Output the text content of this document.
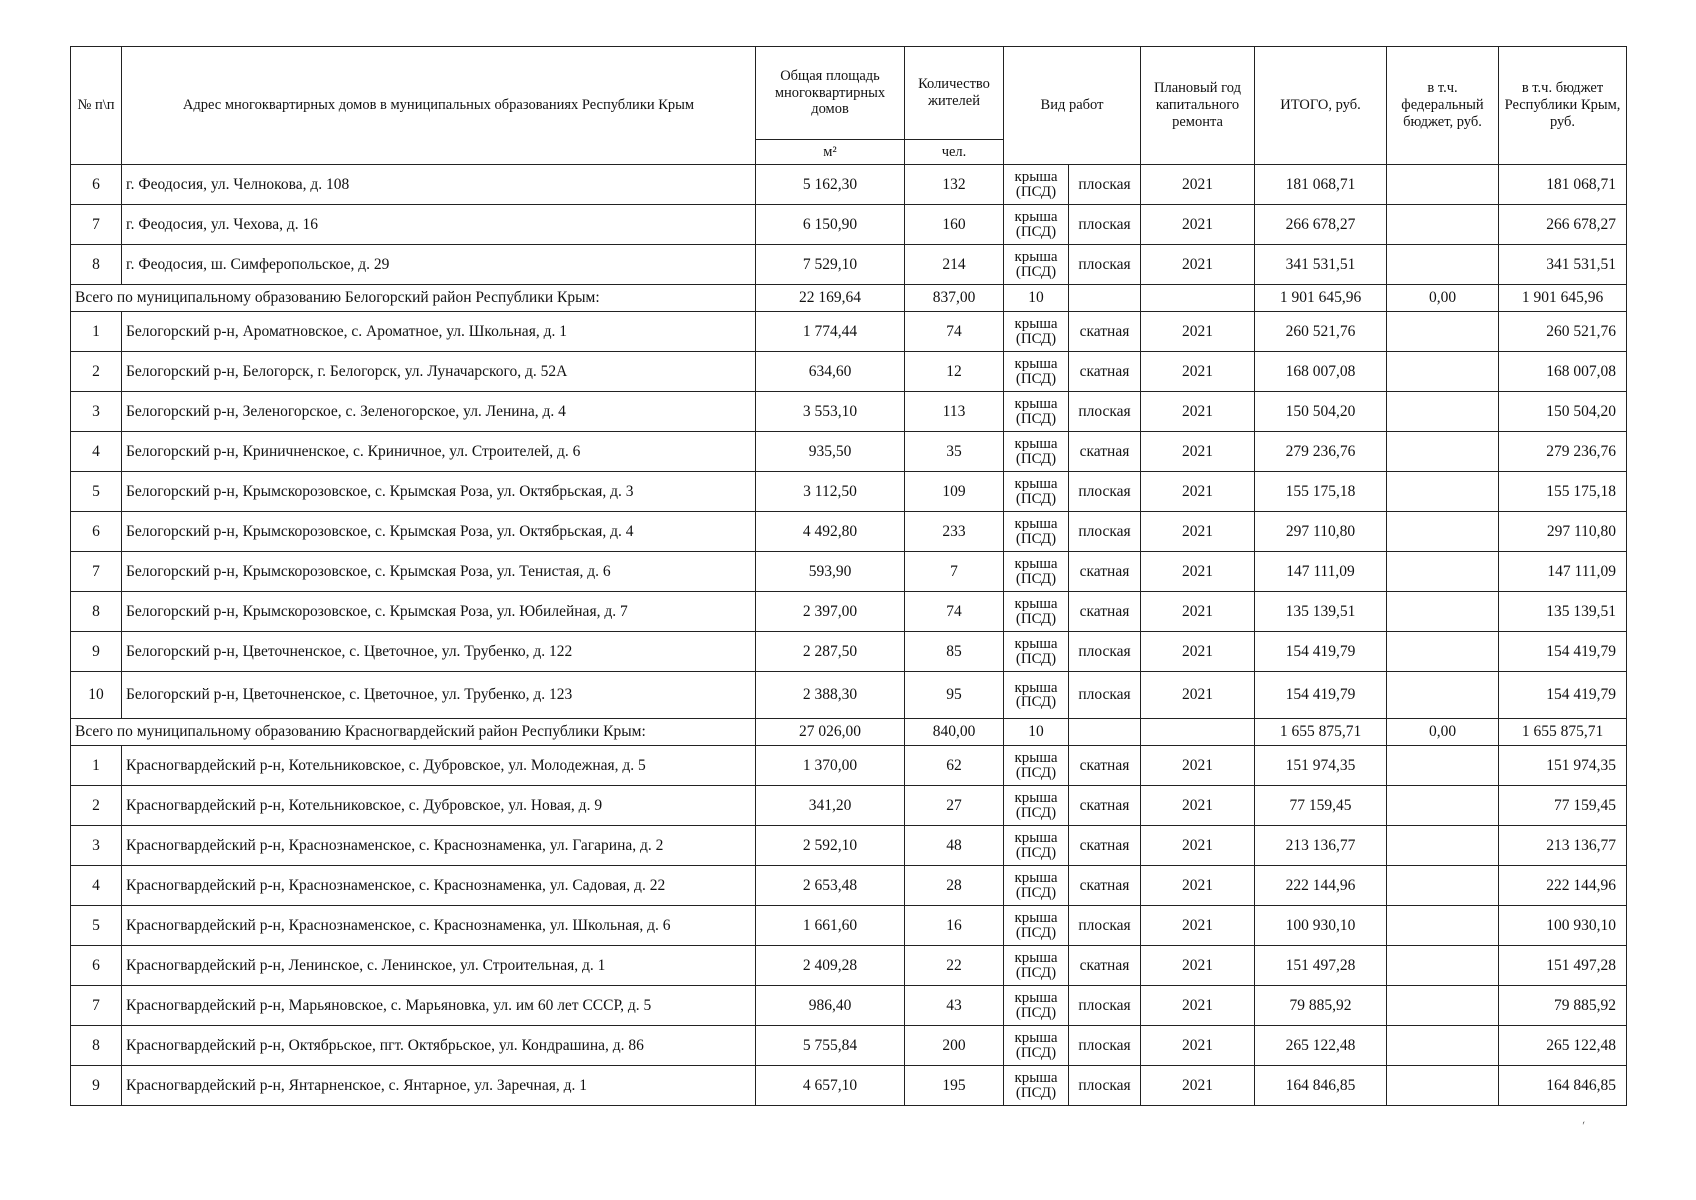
№ п\п	Адрес многоквартирных домов в муниципальных образованиях Республики Крым	Общая площадь многоквартирных домов	Количество жителей	Вид работ		Плановый год капитального ремонта	ИТОГО, руб.	в т.ч. федеральный бюджет, руб.	в т.ч. бюджет Республики Крым, руб.
		м²	чел.						
6	г. Феодосия, ул. Челнокова, д. 108	5 162,30	132	крыша
(ПСД)	плоская	2021	181 068,71		181 068,71
7	г. Феодосия, ул. Чехова, д. 16	6 150,90	160	крыша
(ПСД)	плоская	2021	266 678,27		266 678,27
8	г. Феодосия, ш. Симферопольское, д. 29	7 529,10	214	крыша
(ПСД)	плоская	2021	341 531,51		341 531,51
Всего по муниципальному образованию Белогорский район Республики Крым:		22 169,64	837,00	10			1 901 645,96	0,00	1 901 645,96
1	Белогорский р-н, Ароматновское, с. Ароматное, ул. Школьная, д. 1	1 774,44	74	крыша
(ПСД)	скатная	2021	260 521,76		260 521,76
2	Белогорский р-н, Белогорск, г. Белогорск, ул. Луначарского, д. 52А	634,60	12	крыша
(ПСД)	скатная	2021	168 007,08		168 007,08
3	Белогорский р-н, Зеленогорское, с. Зеленогорское, ул. Ленина, д. 4	3 553,10	113	крыша
(ПСД)	плоская	2021	150 504,20		150 504,20
4	Белогорский р-н, Криничненское, с. Криничное, ул. Строителей, д. 6	935,50	35	крыша
(ПСД)	скатная	2021	279 236,76		279 236,76
5	Белогорский р-н, Крымскорозовское, с. Крымская Роза, ул. Октябрьская, д. 3	3 112,50	109	крыша
(ПСД)	плоская	2021	155 175,18		155 175,18
6	Белогорский р-н, Крымскорозовское, с. Крымская Роза, ул. Октябрьская, д. 4	4 492,80	233	крыша
(ПСД)	плоская	2021	297 110,80		297 110,80
7	Белогорский р-н, Крымскорозовское, с. Крымская Роза, ул. Тенистая, д. 6	593,90	7	крыша
(ПСД)	скатная	2021	147 111,09		147 111,09
8	Белогорский р-н, Крымскорозовское, с. Крымская Роза, ул. Юбилейная, д. 7	2 397,00	74	крыша
(ПСД)	скатная	2021	135 139,51		135 139,51
9	Белогорский р-н, Цветочненское, с. Цветочное, ул. Трубенко, д. 122	2 287,50	85	крыша
(ПСД)	плоская	2021	154 419,79		154 419,79
10	Белогорский р-н, Цветочненское, с. Цветочное, ул. Трубенко, д. 123	2 388,30	95	крыша
(ПСД)	плоская	2021	154 419,79		154 419,79
Всего по муниципальному образованию Красногвардейский район Республики Крым:		27 026,00	840,00	10			1 655 875,71	0,00	1 655 875,71
1	Красногвардейский р-н, Котельниковское, с. Дубровское, ул. Молодежная, д. 5	1 370,00	62	крыша
(ПСД)	скатная	2021	151 974,35		151 974,35
2	Красногвардейский р-н, Котельниковское, с. Дубровское, ул. Новая, д. 9	341,20	27	крыша
(ПСД)	скатная	2021	77 159,45		77 159,45
3	Красногвардейский р-н, Краснознаменское, с. Краснознаменка, ул. Гагарина, д. 2	2 592,10	48	крыша
(ПСД)	скатная	2021	213 136,77		213 136,77
4	Красногвардейский р-н, Краснознаменское, с. Краснознаменка, ул. Садовая, д. 22	2 653,48	28	крыша
(ПСД)	скатная	2021	222 144,96		222 144,96
5	Красногвардейский р-н, Краснознаменское, с. Краснознаменка, ул. Школьная, д. 6	1 661,60	16	крыша
(ПСД)	плоская	2021	100 930,10		100 930,10
6	Красногвардейский р-н, Ленинское, с. Ленинское, ул. Строительная, д. 1	2 409,28	22	крыша
(ПСД)	скатная	2021	151 497,28		151 497,28
7	Красногвардейский р-н, Марьяновское, с. Марьяновка, ул. им 60 лет СССР, д. 5	986,40	43	крыша
(ПСД)	плоская	2021	79 885,92		79 885,92
8	Красногвардейский р-н, Октябрьское, пгт. Октябрьское, ул. Кондрашина, д. 86	5 755,84	200	крыша
(ПСД)	плоская	2021	265 122,48		265 122,48
9	Красногвардейский р-н, Янтарненское, с. Янтарное, ул. Заречная, д. 1	4 657,10	195	крыша
(ПСД)	плоская	2021	164 846,85		164 846,85
ˊ
